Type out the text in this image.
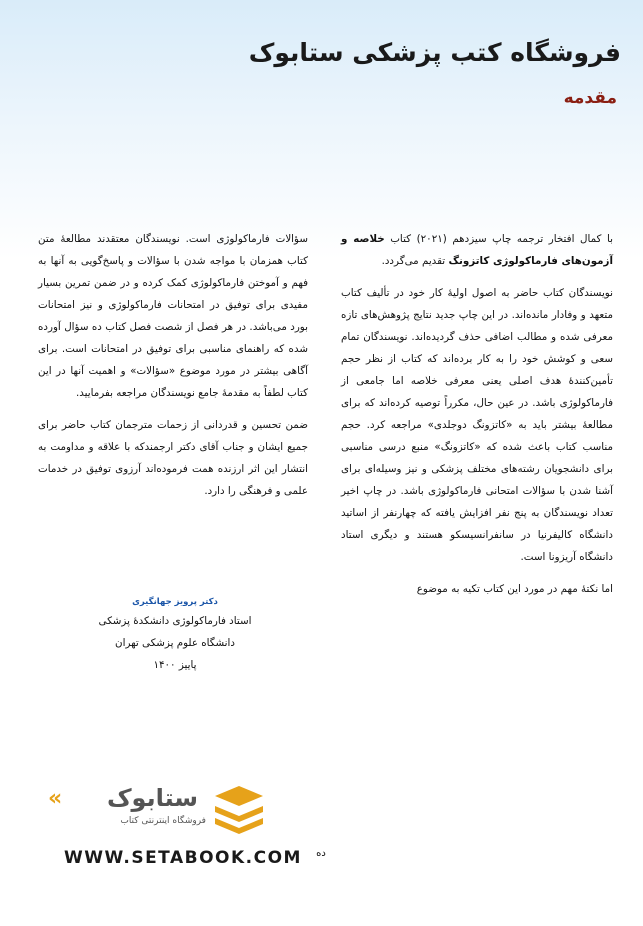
فروشگاه کتب پزشکی ستابوک
مقدمه

با کمال افتخار ترجمه چاپ سیزدهم (۲۰۲۱) کتاب خلاصه و آزمون‌های فارماکولوژی کاتزونگ تقدیم می‌گردد.

نویسندگان کتاب حاضر به اصول اولیهٔ کار خود در تألیف کتاب متعهد و وفادار مانده‌اند. در این چاپ جدید نتایج پژوهش‌های تازه معرفی شده و مطالب اضافی حذف گردیده‌اند. نویسندگان تمام سعی و کوشش خود را به کار برده‌اند که کتاب از نظر حجم تأمین‌کنندهٔ هدف اصلی یعنی معرفی خلاصه اما جامعی از فارماکولوژی باشد. در عین حال، مکرراً توصیه کرده‌اند که برای مطالعهٔ بیشتر باید به «کاتزونگ دوجلدی» مراجعه کرد. حجم مناسب کتاب باعث شده که «کاتزونگ» منبع درسی مناسبی برای دانشجویان رشته‌های مختلف پزشکی و نیز وسیله‌ای برای آشنا شدن با سؤالات امتحانی فارماکولوژی باشد. در چاپ اخیر تعداد نویسندگان به پنج نفر افزایش یافته که چهارنفر از اساتید دانشگاه کالیفرنیا در سانفرانسیسکو هستند و دیگری استاد دانشگاه آریزونا است.

اما نکتهٔ مهم در مورد این کتاب تکیه به موضوع

سؤالات فارماکولوژی است. نویسندگان معتقدند مطالعهٔ متن کتاب همزمان با مواجه شدن با سؤالات و پاسخ‌گویی به آنها به فهم و آموختن فارماکولوژی کمک کرده و در ضمن تمرین بسیار مفیدی برای توفیق در امتحانات فارماکولوژی و نیز امتحانات بورد می‌باشد. در هر فصل از شصت فصل کتاب ده سؤال آورده شده که راهنمای مناسبی برای توفیق در امتحانات است. برای آگاهی بیشتر در مورد موضوع «سؤالات» و اهمیت آنها در این کتاب لطفاً به مقدمهٔ جامع نویسندگان مراجعه بفرمایید.

ضمن تحسین و قدردانی از زحمات مترجمان کتاب حاضر برای جمیع ایشان و جناب آقای دکتر ارجمندکه با علاقه و مداومت به انتشار این اثر ارزنده همت فرموده‌اند آرزوی توفیق در خدمات علمی و فرهنگی را دارد.

دکتر پرویز جهانگیری
استاد فارماکولوژی دانشکدهٔ پزشکی
دانشگاه علوم پزشکی تهران
پاییز ۱۴۰۰
ستابوک
«
فروشگاه اینترنتی کتاب
WWW.SETABOOK.COM	ده
